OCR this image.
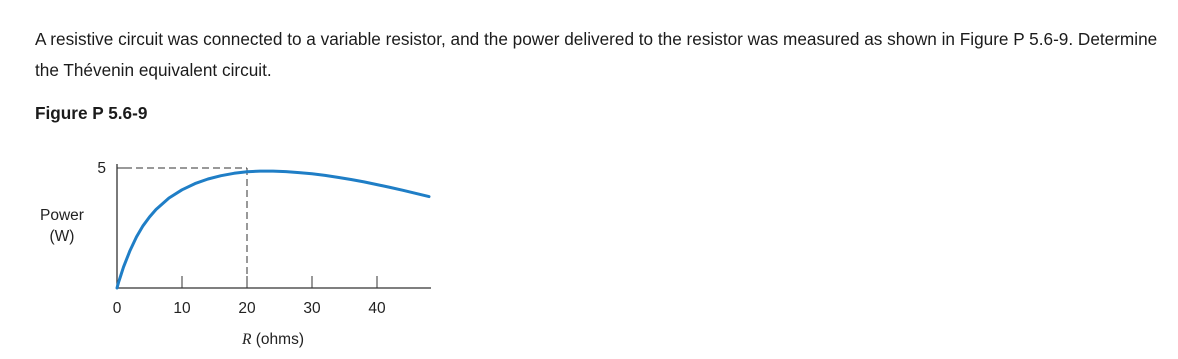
A resistive circuit was connected to a variable resistor, and the power delivered to the resistor was measured as shown in Figure P 5.6-9. Determine the Thévenin equivalent circuit.

Figure P 5.6-9

Power
(W)
R (ohms)
0	10	20	30	40
5
